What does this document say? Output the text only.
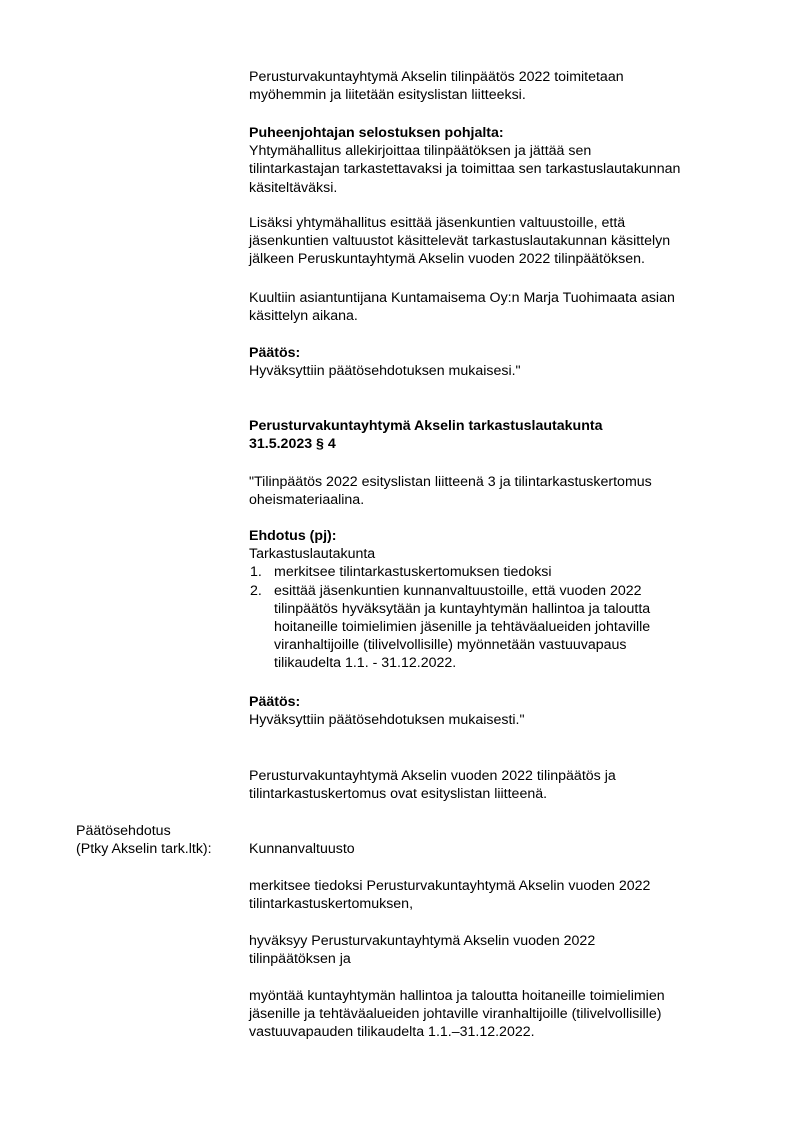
Perusturvakuntayhtymä Akselin tilinpäätös 2022 toimitetaan

myöhemmin ja liitetään esityslistan liitteeksi.

Puheenjohtajan selostuksen pohjalta:

Yhtymähallitus allekirjoittaa tilinpäätöksen ja jättää sen

tilintarkastajan tarkastettavaksi ja toimittaa sen tarkastuslautakunnan

käsiteltäväksi.

Lisäksi yhtymähallitus esittää jäsenkuntien valtuustoille, että

jäsenkuntien valtuustot käsittelevät tarkastuslautakunnan käsittelyn

jälkeen Peruskuntayhtymä Akselin vuoden 2022 tilinpäätöksen.

Kuultiin asiantuntijana Kuntamaisema Oy:n Marja Tuohimaata asian

käsittelyn aikana.

Päätös:

Hyväksyttiin päätösehdotuksen mukaisesi."

Perusturvakuntayhtymä Akselin tarkastuslautakunta

31.5.2023 § 4

"Tilinpäätös 2022 esityslistan liitteenä 3 ja tilintarkastuskertomus

oheismateriaalina.

Ehdotus (pj):

Tarkastuslautakunta

1. merkitsee tilintarkastuskertomuksen tiedoksi

2. esittää jäsenkuntien kunnanvaltuustoille, että vuoden 2022

tilinpäätös hyväksytään ja kuntayhtymän hallintoa ja taloutta

hoitaneille toimielimien jäsenille ja tehtäväalueiden johtaville

viranhaltijoille (tilivelvollisille) myönnetään vastuuvapaus

tilikaudelta 1.1. - 31.12.2022.

Päätös:

Hyväksyttiin päätösehdotuksen mukaisesti."

Perusturvakuntayhtymä Akselin vuoden 2022 tilinpäätös ja

tilintarkastuskertomus ovat esityslistan liitteenä.

Päätösehdotus

(Ptky Akselin tark.ltk):	Kunnanvaltuusto

merkitsee tiedoksi Perusturvakuntayhtymä Akselin vuoden 2022

tilintarkastuskertomuksen,

hyväksyy Perusturvakuntayhtymä Akselin vuoden 2022

tilinpäätöksen ja

myöntää kuntayhtymän hallintoa ja taloutta hoitaneille toimielimien

jäsenille ja tehtäväalueiden johtaville viranhaltijoille (tilivelvollisille)

vastuuvapauden tilikaudelta 1.1.–31.12.2022.
